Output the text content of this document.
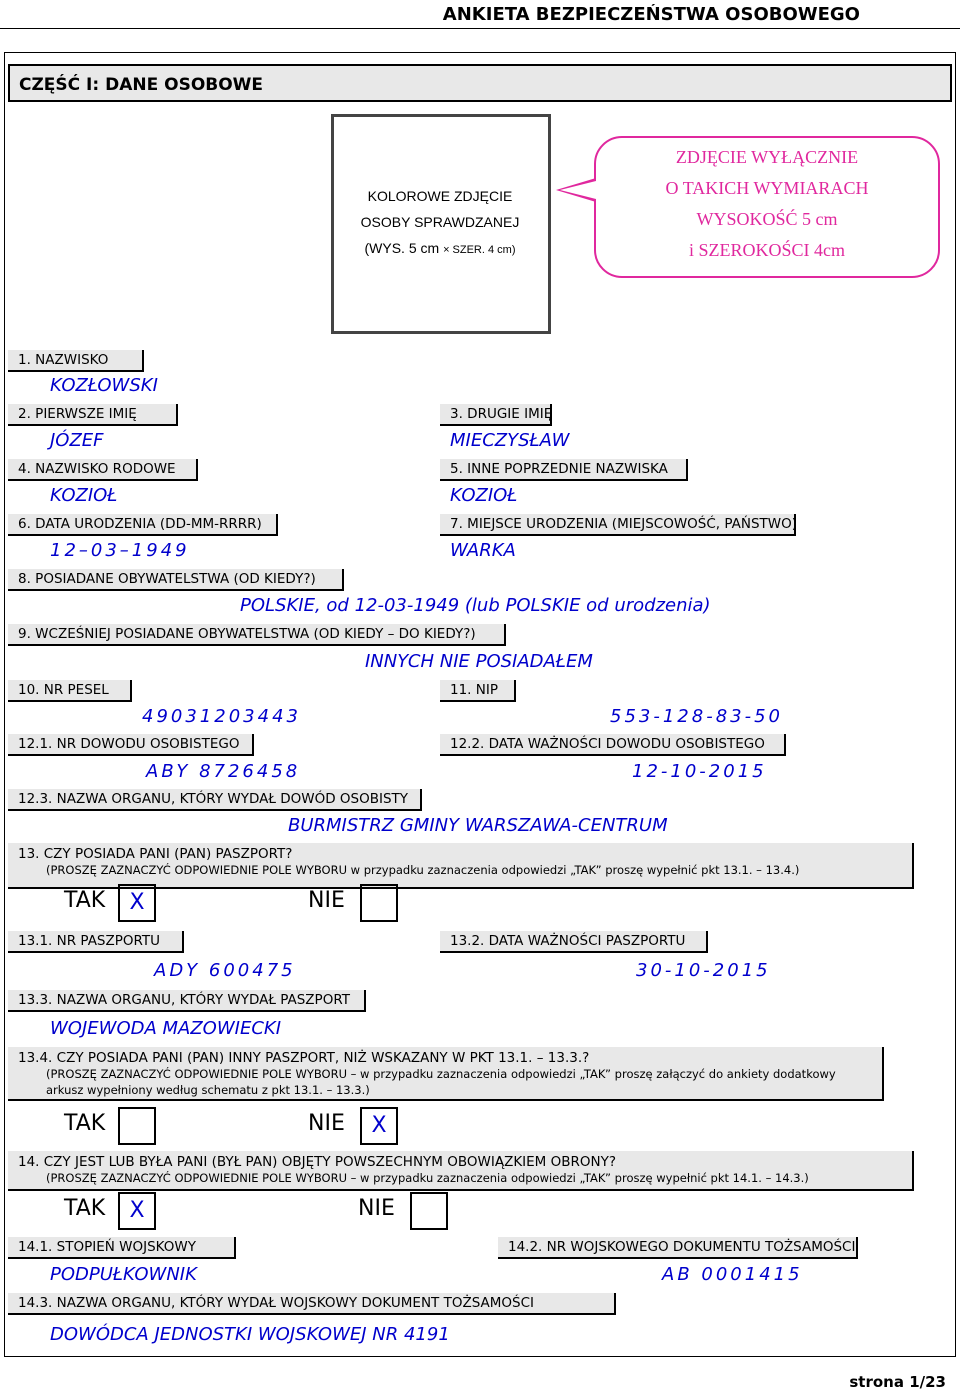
ANKIETA BEZPIECZEŃSTWA OSOBOWEGO
CZĘŚĆ I: DANE OSOBOWE
KOLOROWE ZDJĘCIE
OSOBY SPRAWDZANEJ
(WYS. 5 cm × SZER. 4 cm)
ZDJĘCIE WYŁĄCZNIE
O TAKICH WYMIARACH
WYSOKOŚĆ 5 cm
i SZEROKOŚCI 4cm
1. NAZWISKO
KOZŁOWSKI
2. PIERWSZE IMIĘ
JÓZEF
3. DRUGIE IMIĘ
MIECZYSŁAW
4. NAZWISKO RODOWE
KOZIOŁ
5. INNE POPRZEDNIE NAZWISKA
KOZIOŁ
6. DATA URODZENIA (DD-MM-RRRR)
12–03–1949
7. MIEJSCE URODZENIA (MIEJSCOWOŚĆ, PAŃSTWO)
WARKA
8. POSIADANE OBYWATELSTWA (OD KIEDY?)
POLSKIE, od 12-03-1949 (lub POLSKIE od urodzenia)
9. WCZEŚNIEJ POSIADANE OBYWATELSTWA (OD KIEDY – DO KIEDY?)
INNYCH NIE POSIADAŁEM
10. NR PESEL
49031203443
11. NIP
553-128-83-50
12.1. NR DOWODU OSOBISTEGO
ABY 8726458
12.2. DATA WAŻNOŚCI DOWODU OSOBISTEGO
12-10-2015
12.3. NAZWA ORGANU, KTÓRY WYDAŁ DOWÓD OSOBISTY
BURMISTRZ GMINY WARSZAWA-CENTRUM
13. CZY POSIADA PANI (PAN) PASZPORT?
(PROSZĘ ZAZNACZYĆ ODPOWIEDNIE POLE WYBORU w przypadku zaznaczenia odpowiedzi „TAK” proszę wypełnić pkt 13.1. – 13.4.)
TAK	X	NIE
13.1. NR PASZPORTU
ADY 600475
13.2. DATA WAŻNOŚCI PASZPORTU
30-10-2015
13.3. NAZWA ORGANU, KTÓRY WYDAŁ PASZPORT
WOJEWODA MAZOWIECKI
13.4. CZY POSIADA PANI (PAN) INNY PASZPORT, NIŻ WSKAZANY W PKT 13.1. – 13.3.?
(PROSZĘ ZAZNACZYĆ ODPOWIEDNIE POLE WYBORU – w przypadku zaznaczenia odpowiedzi „TAK” proszę załączyć do ankiety dodatkowy
arkusz wypełniony według schematu z pkt 13.1. – 13.3.)
TAK	NIE	X
14. CZY JEST LUB BYŁA PANI (BYŁ PAN) OBJĘTY POWSZECHNYM OBOWIĄZKIEM OBRONY?
(PROSZĘ ZAZNACZYĆ ODPOWIEDNIE POLE WYBORU – w przypadku zaznaczenia odpowiedzi „TAK” proszę wypełnić pkt 14.1. – 14.3.)
TAK	X	NIE
14.1. STOPIEŃ WOJSKOWY
PODPUŁKOWNIK
14.2. NR WOJSKOWEGO DOKUMENTU TOŻSAMOŚCI
AB 0001415
14.3. NAZWA ORGANU, KTÓRY WYDAŁ WOJSKOWY DOKUMENT TOŻSAMOŚCI
DOWÓDCA JEDNOSTKI WOJSKOWEJ NR 4191
strona 1/23
